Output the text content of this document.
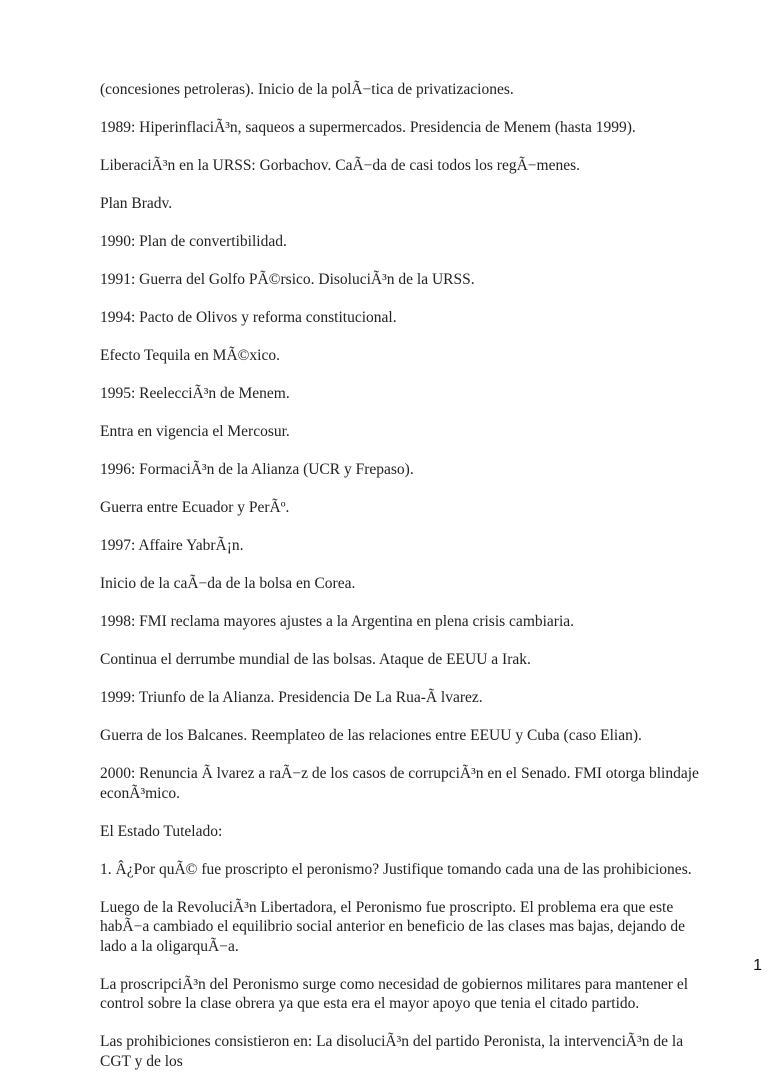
(concesiones petroleras). Inicio de la polÃ−tica de privatizaciones.

1989: HiperinflaciÃ³n, saqueos a supermercados. Presidencia de Menem (hasta 1999).

LiberaciÃ³n en la URSS: Gorbachov. CaÃ−da de casi todos los regÃ−menes.

Plan Bradv.

1990: Plan de convertibilidad.

1991: Guerra del Golfo PÃ©rsico. DisoluciÃ³n de la URSS.

1994: Pacto de Olivos y reforma constitucional.

Efecto Tequila en MÃ©xico.

1995: ReelecciÃ³n de Menem.

Entra en vigencia el Mercosur.

1996: FormaciÃ³n de la Alianza (UCR y Frepaso).

Guerra entre Ecuador y PerÃº.

1997: Affaire YabrÃ¡n.

Inicio de la caÃ−da de la bolsa en Corea.

1998: FMI reclama mayores ajustes a la Argentina en plena crisis cambiaria.

Continua el derrumbe mundial de las bolsas. Ataque de EEUU a Irak.

1999: Triunfo de la Alianza. Presidencia De La Rua-Ã lvarez.

Guerra de los Balcanes. Reemplateo de las relaciones entre EEUU y Cuba (caso Elian).

2000: Renuncia Ã lvarez a raÃ−z de los casos de corrupciÃ³n en el Senado. FMI otorga blindaje econÃ³mico.

El Estado Tutelado:

1. Â¿Por quÃ© fue proscripto el peronismo? Justifique tomando cada una de las prohibiciones.

Luego de la RevoluciÃ³n Libertadora, el Peronismo fue proscripto. El problema era que este habÃ−a cambiado el equilibrio social anterior en beneficio de las clases mas bajas, dejando de lado a la oligarquÃ−a.

La proscripciÃ³n del Peronismo surge como necesidad de gobiernos militares para mantener el control sobre la clase obrera ya que esta era el mayor apoyo que tenia el citado partido.

Las prohibiciones consistieron en: La disoluciÃ³n del partido Peronista, la intervenciÃ³n de la CGT y de los

1
